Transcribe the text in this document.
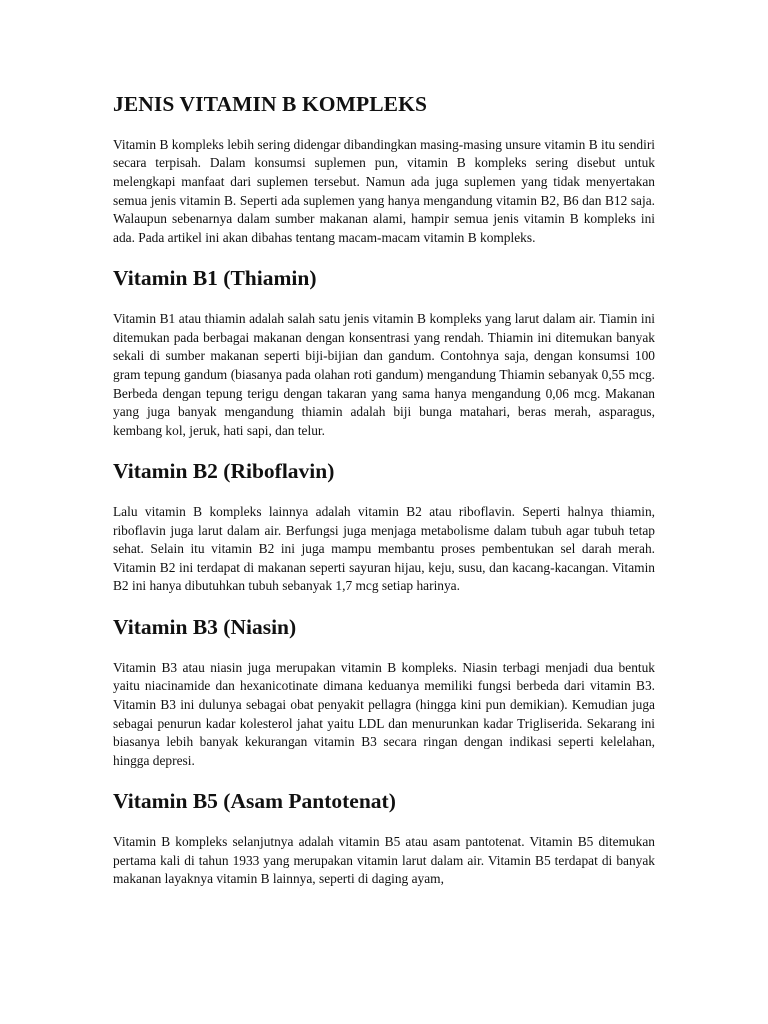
JENIS VITAMIN B KOMPLEKS

Vitamin B kompleks lebih sering didengar dibandingkan masing-masing unsure vitamin B itu sendiri secara terpisah. Dalam konsumsi suplemen pun, vitamin B kompleks sering disebut untuk melengkapi manfaat dari suplemen tersebut. Namun ada juga suplemen yang tidak menyertakan semua jenis vitamin B. Seperti ada suplemen yang hanya mengandung vitamin B2, B6 dan B12 saja. Walaupun sebenarnya dalam sumber makanan alami, hampir semua jenis vitamin B kompleks ini ada. Pada artikel ini akan dibahas tentang macam-macam vitamin B kompleks.

Vitamin B1 (Thiamin)

Vitamin B1 atau thiamin adalah salah satu jenis vitamin B kompleks yang larut dalam air. Tiamin ini ditemukan pada berbagai makanan dengan konsentrasi yang rendah. Thiamin ini ditemukan banyak sekali di sumber makanan seperti biji-bijian dan gandum. Contohnya saja, dengan konsumsi 100 gram tepung gandum (biasanya pada olahan roti gandum) mengandung Thiamin sebanyak 0,55 mcg. Berbeda dengan tepung terigu dengan takaran yang sama hanya mengandung 0,06 mcg. Makanan yang juga banyak mengandung thiamin adalah biji bunga matahari, beras merah, asparagus, kembang kol, jeruk, hati sapi, dan telur.

Vitamin B2 (Riboflavin)

Lalu vitamin B kompleks lainnya adalah vitamin B2 atau riboflavin. Seperti halnya thiamin, riboflavin juga larut dalam air. Berfungsi juga menjaga metabolisme dalam tubuh agar tubuh tetap sehat. Selain itu vitamin B2 ini juga mampu membantu proses pembentukan sel darah merah. Vitamin B2 ini terdapat di makanan seperti sayuran hijau, keju, susu, dan kacang-kacangan. Vitamin B2 ini hanya dibutuhkan tubuh sebanyak 1,7 mcg setiap harinya.

Vitamin B3 (Niasin)

Vitamin B3 atau niasin juga merupakan vitamin B kompleks. Niasin terbagi menjadi dua bentuk yaitu niacinamide dan hexanicotinate dimana keduanya memiliki fungsi berbeda dari vitamin B3. Vitamin B3 ini dulunya sebagai obat penyakit pellagra (hingga kini pun demikian). Kemudian juga sebagai penurun kadar kolesterol jahat yaitu LDL dan menurunkan kadar Trigliserida. Sekarang ini biasanya lebih banyak kekurangan vitamin B3 secara ringan dengan indikasi seperti kelelahan, hingga depresi.

Vitamin B5 (Asam Pantotenat)

Vitamin B kompleks selanjutnya adalah vitamin B5 atau asam pantotenat. Vitamin B5 ditemukan pertama kali di tahun 1933 yang merupakan vitamin larut dalam air. Vitamin B5 terdapat di banyak makanan layaknya vitamin B lainnya, seperti di daging ayam,
